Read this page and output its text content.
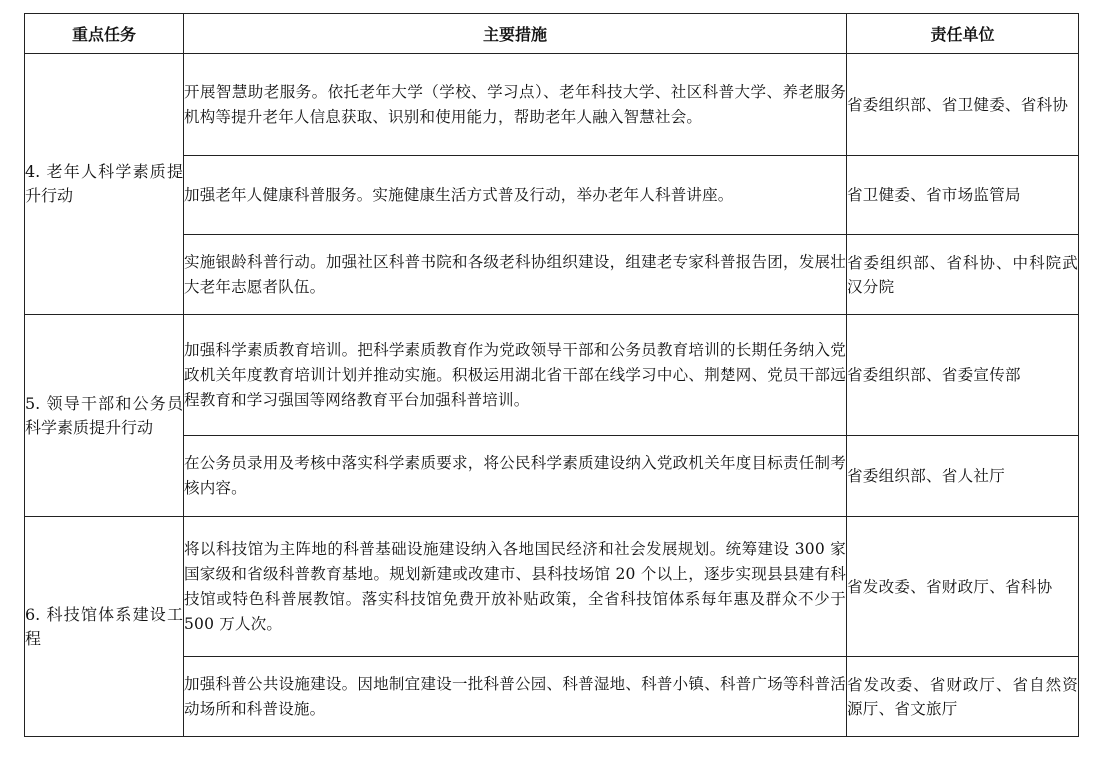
重点任务	主要措施	责任单位
4. 老年人科学素质提升行动	开展智慧助老服务。依托老年大学（学校、学习点）、老年科技大学、社区科普大学、养老服务机构等提升老年人信息获取、识别和使用能力，帮助老年人融入智慧社会。	省委组织部、省卫健委、省科协
	加强老年人健康科普服务。实施健康生活方式普及行动，举办老年人科普讲座。	省卫健委、省市场监管局
	实施银龄科普行动。加强社区科普书院和各级老科协组织建设，组建老专家科普报告团，发展壮大老年志愿者队伍。	省委组织部、省科协、中科院武汉分院
5. 领导干部和公务员科学素质提升行动	加强科学素质教育培训。把科学素质教育作为党政领导干部和公务员教育培训的长期任务纳入党政机关年度教育培训计划并推动实施。积极运用湖北省干部在线学习中心、荆楚网、党员干部远程教育和学习强国等网络教育平台加强科普培训。	省委组织部、省委宣传部
	在公务员录用及考核中落实科学素质要求，将公民科学素质建设纳入党政机关年度目标责任制考核内容。	省委组织部、省人社厅
6. 科技馆体系建设工程	将以科技馆为主阵地的科普基础设施建设纳入各地国民经济和社会发展规划。统筹建设 300 家国家级和省级科普教育基地。规划新建或改建市、县科技场馆 20 个以上，逐步实现县县建有科技馆或特色科普展教馆。落实科技馆免费开放补贴政策，全省科技馆体系每年惠及群众不少于 500 万人次。	省发改委、省财政厅、省科协
	加强科普公共设施建设。因地制宜建设一批科普公园、科普湿地、科普小镇、科普广场等科普活动场所和科普设施。	省发改委、省财政厅、省自然资源厅、省文旅厅
